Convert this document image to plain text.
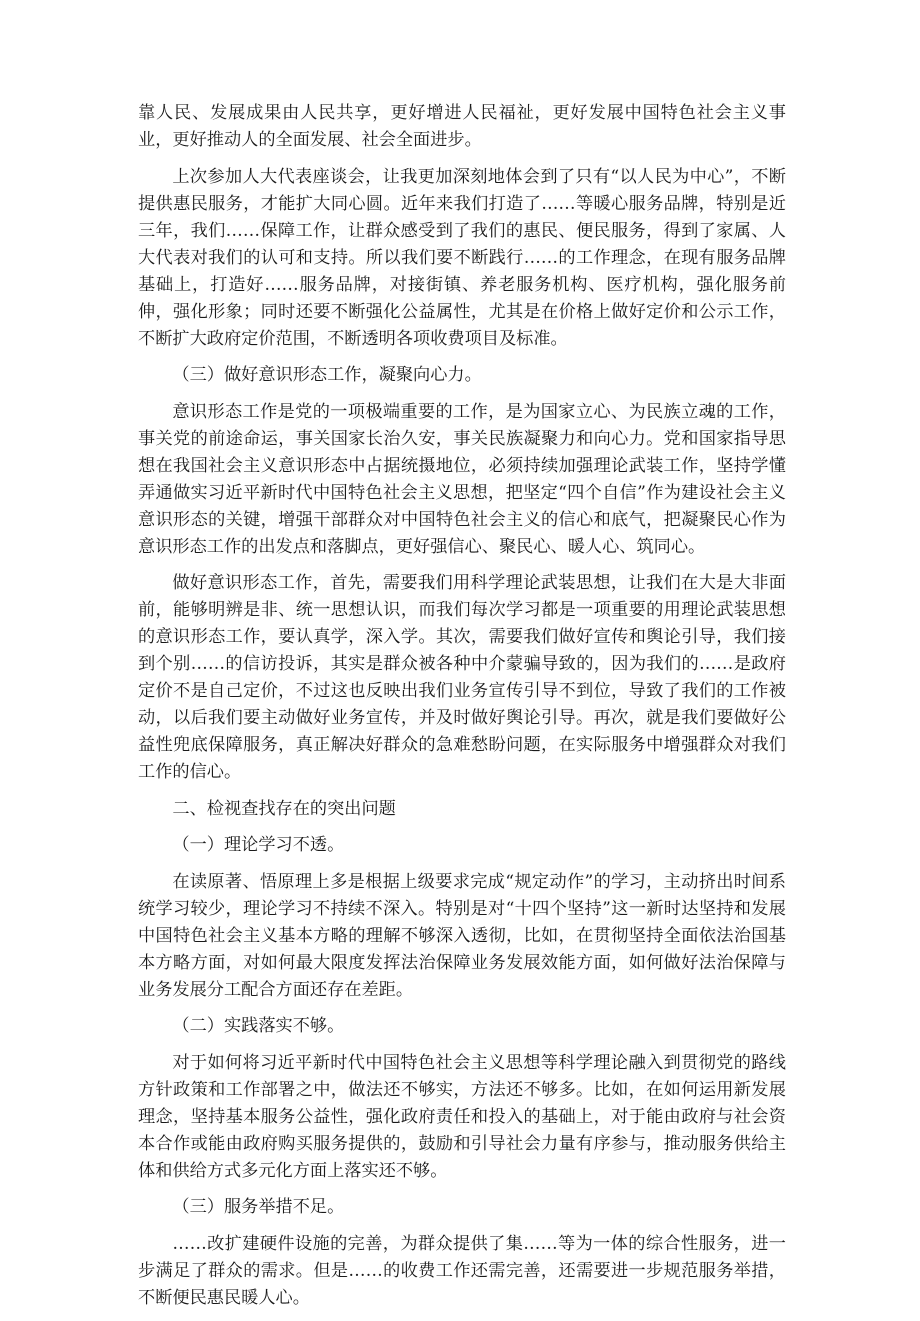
靠人民、发展成果由人民共享，更好增进人民福祉，更好发展中国特色社会主义事业，更好推动人的全面发展、社会全面进步。

上次参加人大代表座谈会，让我更加深刻地体会到了只有“以人民为中心”，不断提供惠民服务，才能扩大同心圆。近年来我们打造了……等暖心服务品牌，特别是近三年，我们……保障工作，让群众感受到了我们的惠民、便民服务，得到了家属、人大代表对我们的认可和支持。所以我们要不断践行……的工作理念，在现有服务品牌基础上，打造好……服务品牌，对接街镇、养老服务机构、医疗机构，强化服务前伸，强化形象；同时还要不断强化公益属性，尤其是在价格上做好定价和公示工作，不断扩大政府定价范围，不断透明各项收费项目及标准。

（三）做好意识形态工作，凝聚向心力。

意识形态工作是党的一项极端重要的工作，是为国家立心、为民族立魂的工作，事关党的前途命运，事关国家长治久安，事关民族凝聚力和向心力。党和国家指导思想在我国社会主义意识形态中占据统摄地位，必须持续加强理论武装工作，坚持学懂弄通做实习近平新时代中国特色社会主义思想，把坚定“四个自信”作为建设社会主义意识形态的关键，增强干部群众对中国特色社会主义的信心和底气，把凝聚民心作为意识形态工作的出发点和落脚点，更好强信心、聚民心、暖人心、筑同心。

做好意识形态工作，首先，需要我们用科学理论武装思想，让我们在大是大非面前，能够明辨是非、统一思想认识，而我们每次学习都是一项重要的用理论武装思想的意识形态工作，要认真学，深入学。其次，需要我们做好宣传和舆论引导，我们接到个别……的信访投诉，其实是群众被各种中介蒙骗导致的，因为我们的……是政府定价不是自己定价，不过这也反映出我们业务宣传引导不到位，导致了我们的工作被动，以后我们要主动做好业务宣传，并及时做好舆论引导。再次，就是我们要做好公益性兜底保障服务，真正解决好群众的急难愁盼问题，在实际服务中增强群众对我们工作的信心。

二、检视查找存在的突出问题

（一）理论学习不透。

在读原著、悟原理上多是根据上级要求完成“规定动作”的学习，主动挤出时间系统学习较少，理论学习不持续不深入。特别是对“十四个坚持”这一新时达坚持和发展中国特色社会主义基本方略的理解不够深入透彻，比如，在贯彻坚持全面依法治国基本方略方面，对如何最大限度发挥法治保障业务发展效能方面，如何做好法治保障与业务发展分工配合方面还存在差距。

（二）实践落实不够。

对于如何将习近平新时代中国特色社会主义思想等科学理论融入到贯彻党的路线方针政策和工作部署之中，做法还不够实，方法还不够多。比如，在如何运用新发展理念，坚持基本服务公益性，强化政府责任和投入的基础上，对于能由政府与社会资本合作或能由政府购买服务提供的，鼓励和引导社会力量有序参与，推动服务供给主体和供给方式多元化方面上落实还不够。

（三）服务举措不足。

……改扩建硬件设施的完善，为群众提供了集……等为一体的综合性服务，进一步满足了群众的需求。但是……的收费工作还需完善，还需要进一步规范服务举措，不断便民惠民暖人心。
